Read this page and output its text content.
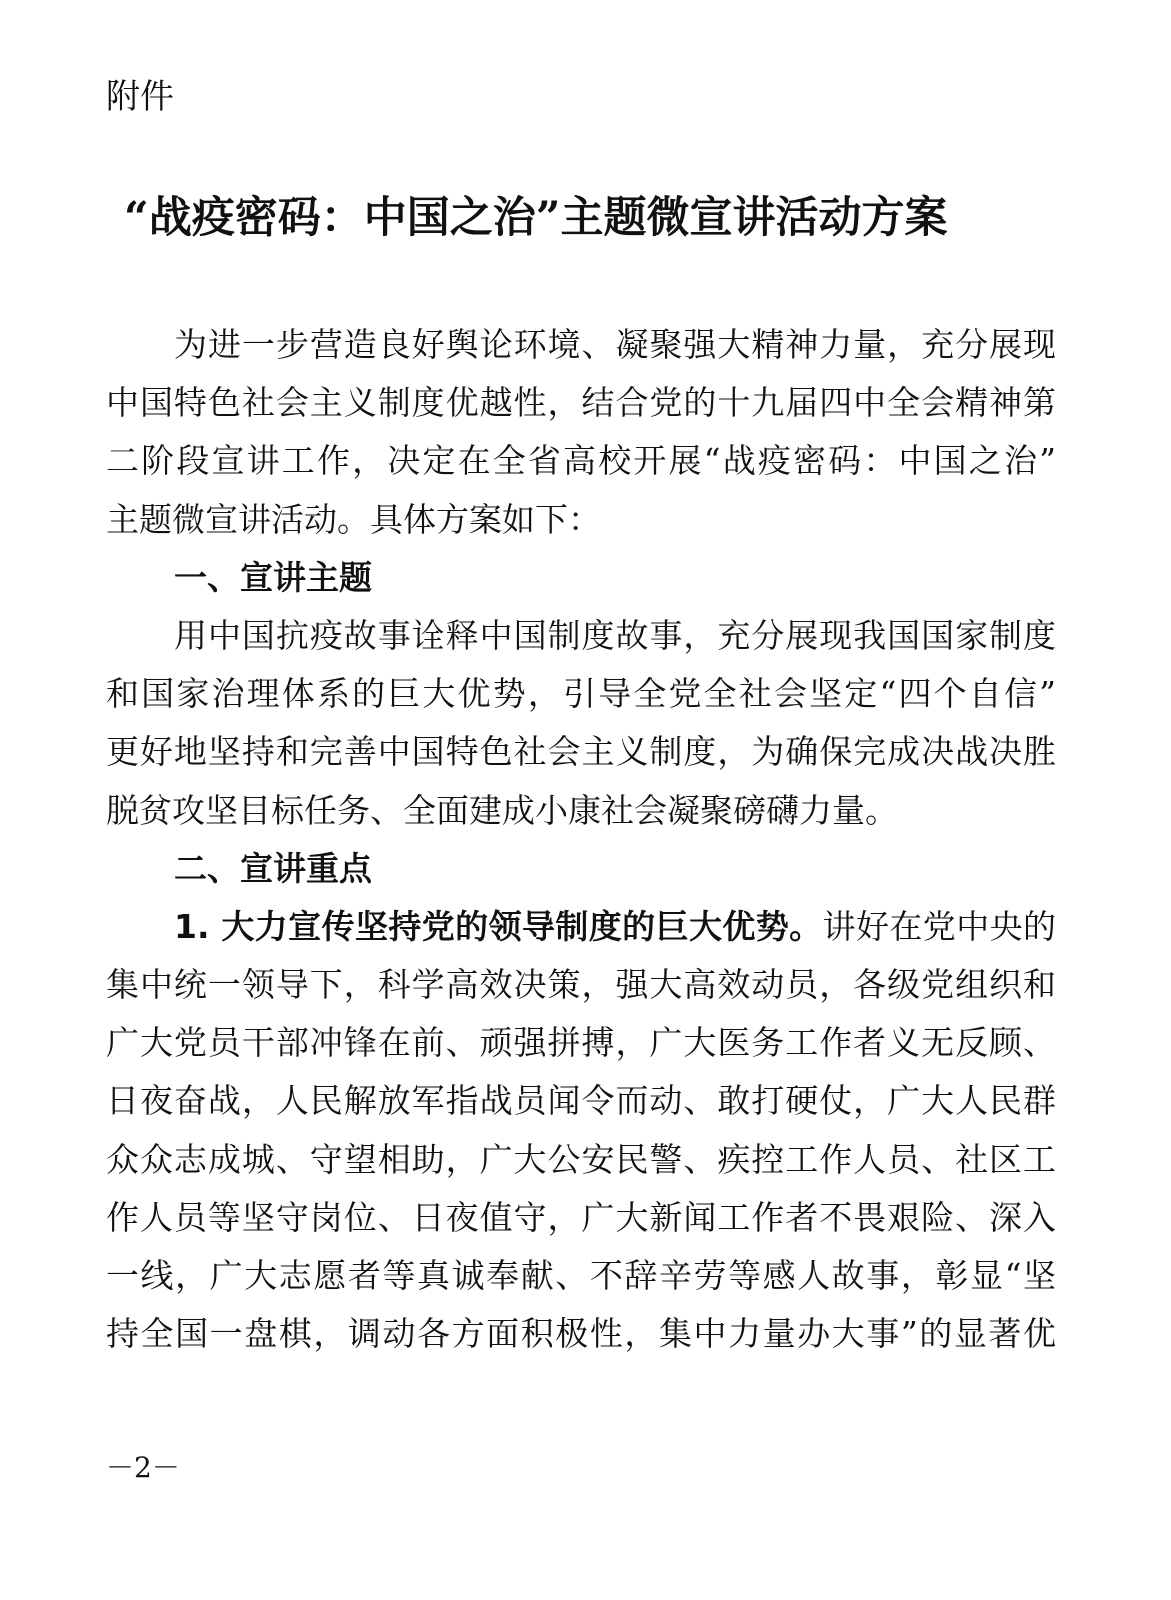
附件
“战疫密码：中国之治”主题微宣讲活动方案
为进一步营造良好舆论环境、凝聚强大精神力量，充分展现
中国特色社会主义制度优越性，结合党的十九届四中全会精神第
二阶段宣讲工作，决定在全省高校开展“战疫密码：中国之治”
主题微宣讲活动。具体方案如下：
一、宣讲主题
用中国抗疫故事诠释中国制度故事，充分展现我国国家制度
和国家治理体系的巨大优势，引导全党全社会坚定“四个自信”
更好地坚持和完善中国特色社会主义制度，为确保完成决战决胜
脱贫攻坚目标任务、全面建成小康社会凝聚磅礴力量。
二、宣讲重点
1. 大力宣传坚持党的领导制度的巨大优势。讲好在党中央的
集中统一领导下，科学高效决策，强大高效动员，各级党组织和
广大党员干部冲锋在前、顽强拼搏，广大医务工作者义无反顾、
日夜奋战，人民解放军指战员闻令而动、敢打硬仗，广大人民群
众众志成城、守望相助，广大公安民警、疾控工作人员、社区工
作人员等坚守岗位、日夜值守，广大新闻工作者不畏艰险、深入
一线，广大志愿者等真诚奉献、不辞辛劳等感人故事，彰显“坚
持全国一盘棋，调动各方面积极性，集中力量办大事”的显著优
－2－
